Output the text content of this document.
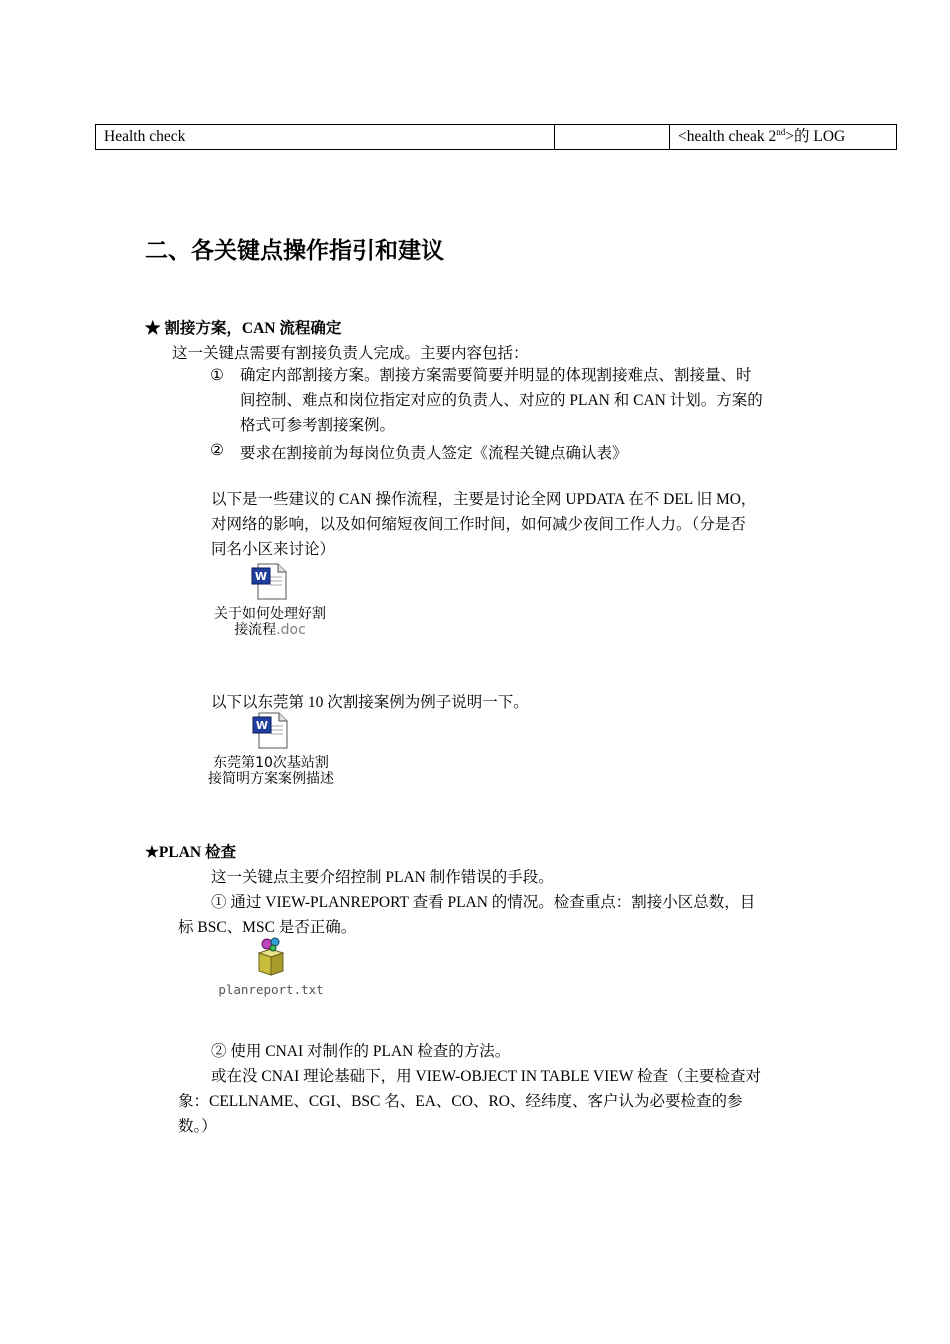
Health check		<health cheak 2nd>的 LOG
二、各关键点操作指引和建议
★ 割接方案，CAN 流程确定
这一关键点需要有割接负责人完成。主要内容包括：
① 确定内部割接方案。割接方案需要简要并明显的体现割接难点、割接量、时
间控制、难点和岗位指定对应的负责人、对应的 PLAN 和 CAN 计划。方案的
格式可参考割接案例。
② 要求在割接前为每岗位负责人签定《流程关键点确认表》
以下是一些建议的 CAN 操作流程，主要是讨论全网 UPDATA 在不 DEL 旧 MO，
对网络的影响，以及如何缩短夜间工作时间，如何减少夜间工作人力。（分是否
同名小区来讨论）
W
关于如何处理好割
接流程.doc
以下以东莞第 10 次割接案例为例子说明一下。
W
东莞第10次基站割
接简明方案案例描述
★PLAN 检查
这一关键点主要介绍控制 PLAN 制作错误的手段。
① 通过 VIEW-PLANREPORT 查看 PLAN 的情况。检查重点：割接小区总数，目
标 BSC、MSC 是否正确。
planreport.txt
② 使用 CNAI 对制作的 PLAN 检查的方法。
或在没 CNAI 理论基础下，用 VIEW-OBJECT IN TABLE VIEW 检查（主要检查对
象：CELLNAME、CGI、BSC 名、EA、CO、RO、经纬度、客户认为必要检查的参
数。）
